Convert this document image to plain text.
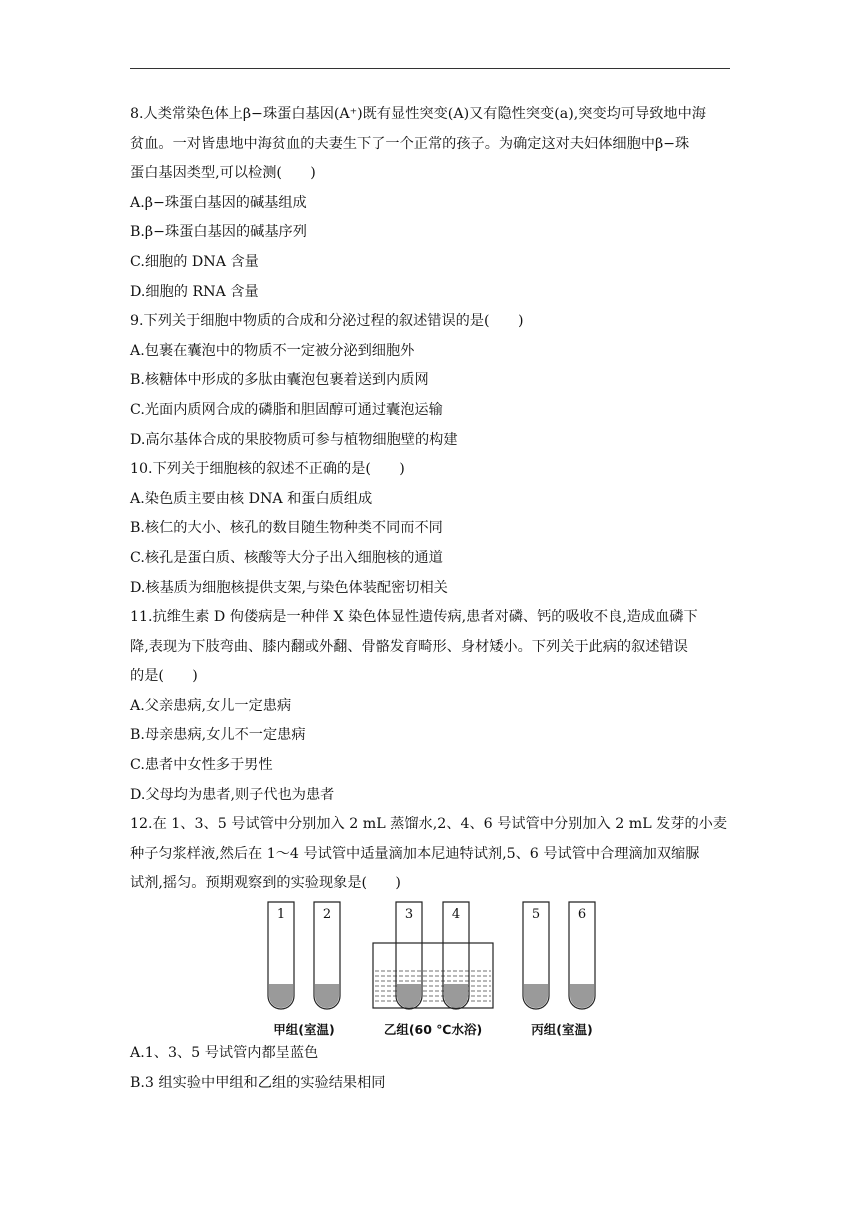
8.人类常染色体上β−珠蛋白基因(A⁺)既有显性突变(A)又有隐性突变(a),突变均可导致地中海
贫血。一对皆患地中海贫血的夫妻生下了一个正常的孩子。为确定这对夫妇体细胞中β−珠
蛋白基因类型,可以检测(　　)
A.β−珠蛋白基因的碱基组成
B.β−珠蛋白基因的碱基序列
C.细胞的 DNA 含量
D.细胞的 RNA 含量
9.下列关于细胞中物质的合成和分泌过程的叙述错误的是(　　)
A.包裹在囊泡中的物质不一定被分泌到细胞外
B.核糖体中形成的多肽由囊泡包裹着送到内质网
C.光面内质网合成的磷脂和胆固醇可通过囊泡运输
D.高尔基体合成的果胶物质可参与植物细胞壁的构建
10.下列关于细胞核的叙述不正确的是(　　)
A.染色质主要由核 DNA 和蛋白质组成
B.核仁的大小、核孔的数目随生物种类不同而不同
C.核孔是蛋白质、核酸等大分子出入细胞核的通道
D.核基质为细胞核提供支架,与染色体装配密切相关
11.抗维生素 D 佝偻病是一种伴 X 染色体显性遗传病,患者对磷、钙的吸收不良,造成血磷下
降,表现为下肢弯曲、膝内翻或外翻、骨骼发育畸形、身材矮小。下列关于此病的叙述错误
的是(　　)
A.父亲患病,女儿一定患病
B.母亲患病,女儿不一定患病
C.患者中女性多于男性
D.父母均为患者,则子代也为患者
12.在 1、3、5 号试管中分别加入 2 mL 蒸馏水,2、4、6 号试管中分别加入 2 mL 发芽的小麦
种子匀浆样液,然后在 1～4 号试管中适量滴加本尼迪特试剂,5、6 号试管中合理滴加双缩脲
试剂,摇匀。预期观察到的实验现象是(　　)
1	2	3	4	5	6
甲组(室温)	乙组(60 ℃水浴)	丙组(室温)
A.1、3、5 号试管内都呈蓝色
B.3 组实验中甲组和乙组的实验结果相同
